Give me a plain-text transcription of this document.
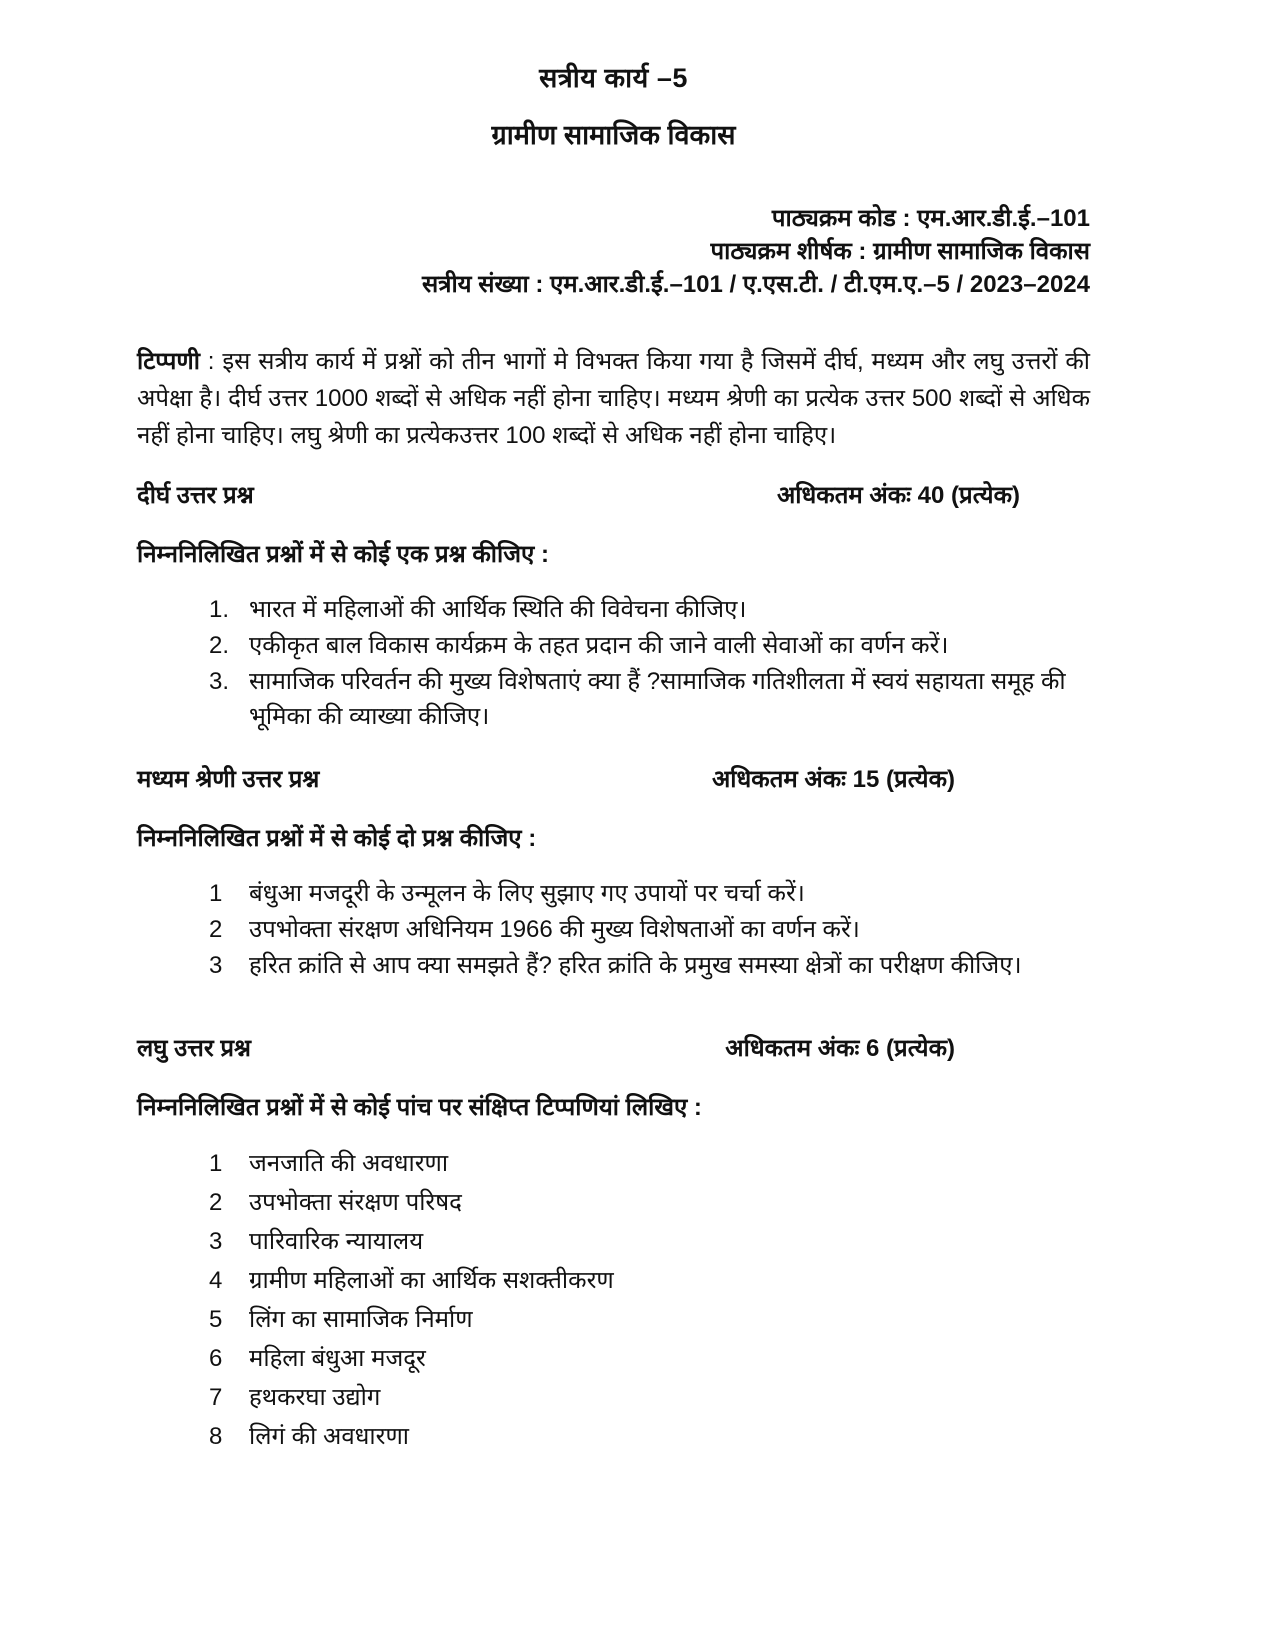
सत्रीय कार्य –5
ग्रामीण सामाजिक विकास
पाठ्यक्रम कोड : एम.आर.डी.ई.–101
पाठ्यक्रम शीर्षक : ग्रामीण सामाजिक विकास
सत्रीय संख्या : एम.आर.डी.ई.–101 / ए.एस.टी. / टी.एम.ए.–5 / 2023–2024
टिप्पणी : इस सत्रीय कार्य में प्रश्नों को तीन भागों मे विभक्त किया गया है जिसमें दीर्घ, मध्यम और लघु उत्तरों की अपेक्षा है। दीर्घ उत्तर 1000 शब्दों से अधिक नहीं होना चाहिए। मध्यम श्रेणी का प्रत्येक उत्तर 500 शब्दों से अधिक नहीं होना चाहिए। लघु श्रेणी का प्रत्येकउत्तर 100 शब्दों से अधिक नहीं होना चाहिए।
दीर्घ उत्तर प्रश्न	अधिकतम अंकः 40 (प्रत्येक)
निम्ननिलिखित प्रश्नों में से कोई एक प्रश्न कीजिए :
1. भारत में महिलाओं की आर्थिक स्थिति की विवेचना कीजिए।
2. एकीकृत बाल विकास कार्यक्रम के तहत प्रदान की जाने वाली सेवाओं का वर्णन करें।
3. सामाजिक परिवर्तन की मुख्य विशेषताएं क्या हैं ?सामाजिक गतिशीलता में स्वयं सहायता समूह की भूमिका की व्याख्या कीजिए।
मध्यम श्रेणी उत्तर प्रश्न	अधिकतम अंकः 15 (प्रत्येक)
निम्ननिलिखित प्रश्नों में से कोई दो प्रश्न कीजिए :
1	बंधुआ मजदूरी के उन्मूलन के लिए सुझाए गए उपायों पर चर्चा करें।
2	उपभोक्ता संरक्षण अधिनियम 1966 की मुख्य विशेषताओं का वर्णन करें।
3	हरित क्रांति से आप क्या समझते हैं? हरित क्रांति के प्रमुख समस्या क्षेत्रों का परीक्षण कीजिए।
लघु उत्तर प्रश्न	अधिकतम अंकः 6 (प्रत्येक)
निम्ननिलिखित प्रश्नों में से कोई पांच पर संक्षिप्त टिप्पणियां लिखिए :
1	जनजाति की अवधारणा
2	उपभोक्ता संरक्षण परिषद
3	पारिवारिक न्यायालय
4	ग्रामीण महिलाओं का आर्थिक सशक्तीकरण
5	लिंग का सामाजिक निर्माण
6	महिला बंधुआ मजदूर
7	हथकरघा उद्योग
8	लिगं की अवधारणा
